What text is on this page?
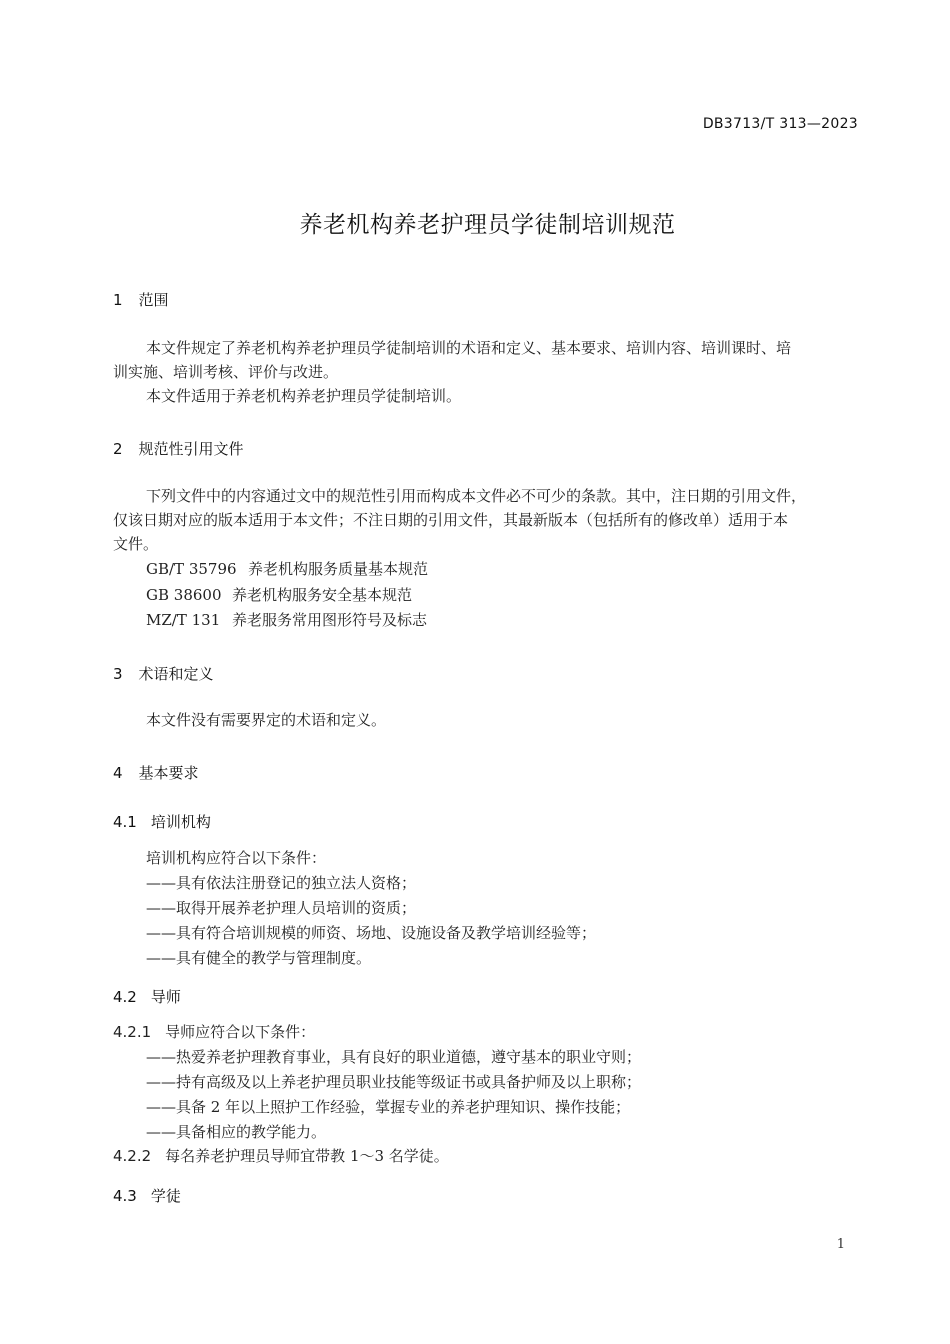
DB3713/T 313—2023
养老机构养老护理员学徒制培训规范
1 范围
本文件规定了养老机构养老护理员学徒制培训的术语和定义、基本要求、培训内容、培训课时、培
训实施、培训考核、评价与改进。
本文件适用于养老机构养老护理员学徒制培训。
2 规范性引用文件
下列文件中的内容通过文中的规范性引用而构成本文件必不可少的条款。其中，注日期的引用文件，
仅该日期对应的版本适用于本文件；不注日期的引用文件，其最新版本（包括所有的修改单）适用于本
文件。
GB/T 35796 养老机构服务质量基本规范
GB 38600 养老机构服务安全基本规范
MZ/T 131 养老服务常用图形符号及标志
3 术语和定义
本文件没有需要界定的术语和定义。
4 基本要求
4.1 培训机构
培训机构应符合以下条件：
——具有依法注册登记的独立法人资格；
——取得开展养老护理人员培训的资质；
——具有符合培训规模的师资、场地、设施设备及教学培训经验等；
——具有健全的教学与管理制度。
4.2 导师
4.2.1 导师应符合以下条件：
——热爱养老护理教育事业，具有良好的职业道德，遵守基本的职业守则；
——持有高级及以上养老护理员职业技能等级证书或具备护师及以上职称；
——具备 2 年以上照护工作经验，掌握专业的养老护理知识、操作技能；
——具备相应的教学能力。
4.2.2 每名养老护理员导师宜带教 1～3 名学徒。
4.3 学徒
1
